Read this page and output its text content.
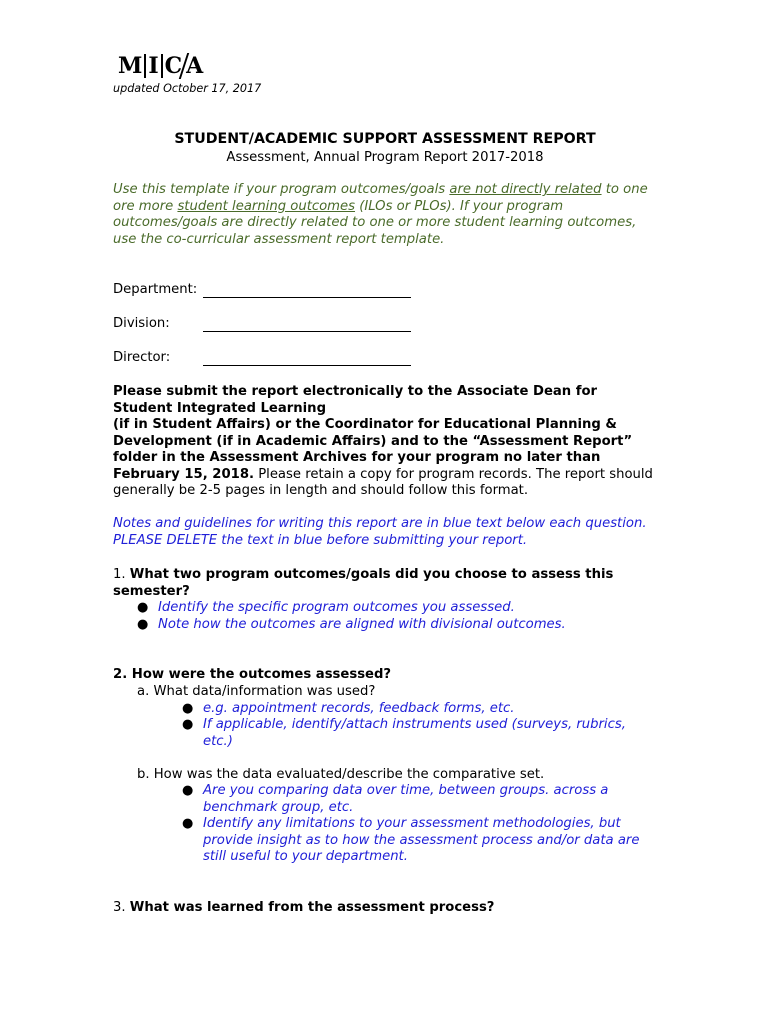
M I C A
updated October 17, 2017
STUDENT/ACADEMIC SUPPORT ASSESSMENT REPORT
Assessment, Annual Program Report 2017-2018
Use this template if your program outcomes/goals are not directly related to one ore more student learning outcomes (ILOs or PLOs). If your program outcomes/goals are directly related to one or more student learning outcomes, use the co-curricular assessment report template.
Department:
Division:
Director:
Please submit the report electronically to the Associate Dean for Student Integrated Learning
(if in Student Affairs) or the Coordinator for Educational Planning & Development (if in Academic Affairs) and to the “Assessment Report” folder in the Assessment Archives for your program no later than February 15, 2018. Please retain a copy for program records. The report should generally be 2-5 pages in length and should follow this format.
Notes and guidelines for writing this report are in blue text below each question. PLEASE DELETE the text in blue before submitting your report.
1. What two program outcomes/goals did you choose to assess this semester?
● Identify the specific program outcomes you assessed.
● Note how the outcomes are aligned with divisional outcomes.
2. How were the outcomes assessed?
a. What data/information was used?
● e.g. appointment records, feedback forms, etc.
● If applicable, identify/attach instruments used (surveys, rubrics, etc.)
b. How was the data evaluated/describe the comparative set.
● Are you comparing data over time, between groups. across a benchmark group, etc.
● Identify any limitations to your assessment methodologies, but provide insight as to how the assessment process and/or data are still useful to your department.
3. What was learned from the assessment process?
